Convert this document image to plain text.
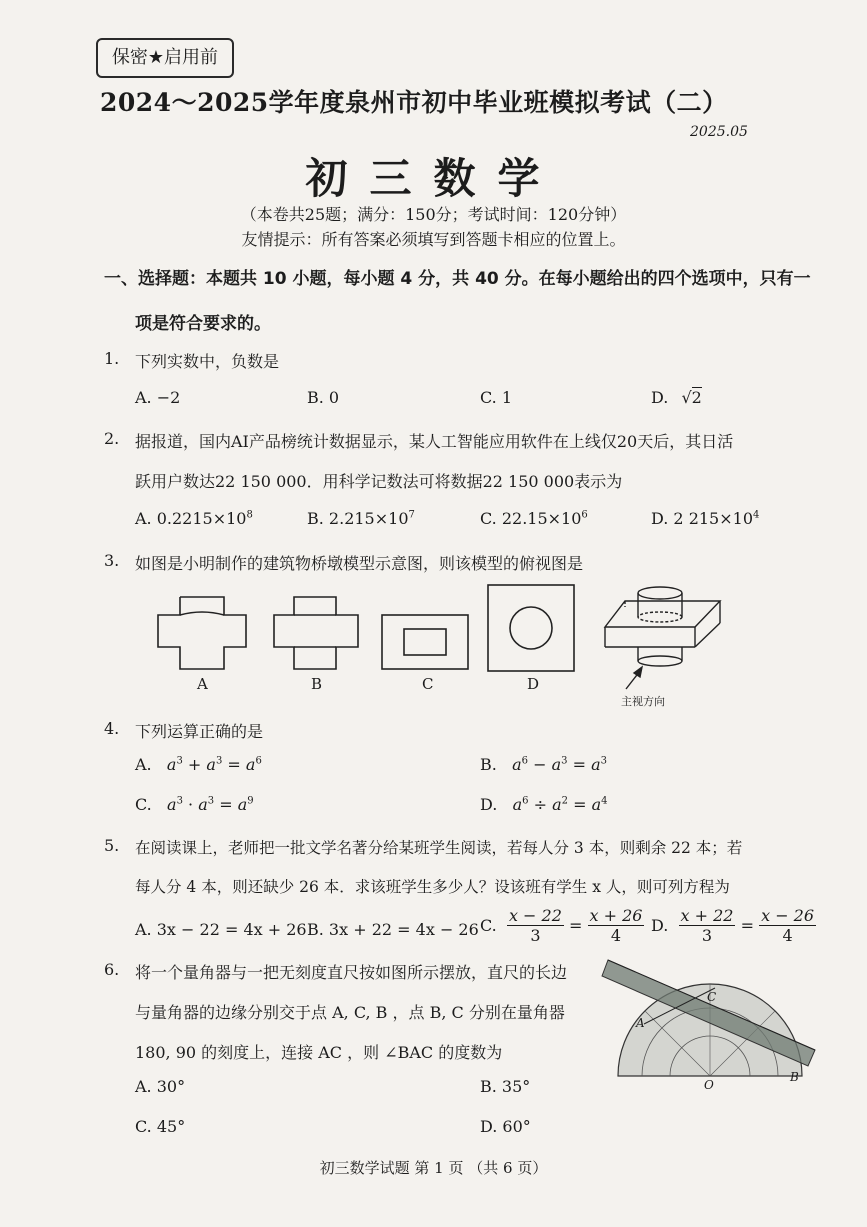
保密★启用前
2024～2025学年度泉州市初中毕业班模拟考试（二）
2025.05
初三数学
（本卷共25题；满分：150分；考试时间：120分钟）
友情提示：所有答案必须填写到答题卡相应的位置上。
一、选择题：本题共 10 小题，每小题 4 分，共 40 分。在每小题给出的四个选项中，只有一
项是符合要求的。
1. 下列实数中，负数是
A. −2	B. 0	C. 1	D. √2
2. 据报道，国内AI产品榜统计数据显示，某人工智能应用软件在上线仅20天后，其日活
跃用户数达22 150 000．用科学记数法可将数据22 150 000表示为
A. $0.2215\times 10^8$	B. $2.215\times 10^7$	C. $22.15\times 10^6$	D. 2 $215\times 10^4$
3. 如图是小明制作的建筑物桥墩模型示意图，则该模型的俯视图是
A	B	C	D
主视方向
4. 下列运算正确的是
A. $a^3 + a^3 = a^6$	B. $a^6 - a^3 = a^3$
C. $a^3 \cdot a^3 = a^9$	D. $a^6 \div a^2 = a^4$
5. 在阅读课上，老师把一批文学名著分给某班学生阅读，若每人分 3 本，则剩余 22 本；若
每人分 4 本，则还缺少 26 本．求该班学生多少人？设该班有学生 x 人，则可列方程为
A. 3x − 22 = 4x + 26 B. 3x + 22 = 4x − 26 C. $\frac{x - 22}{3} = \frac{x + 26}{4} D$. $\frac{x + 22}{3} = \frac{x - 26}{4}$
6. 将一个量角器与一把无刻度直尺按如图所示摆放，直尺的长边
与量角器的边缘分别交于点 A, C, B ，点 B, C 分别在量角器
180, 90 的刻度上，连接 AC ，则 ∠BAC 的度数为
A. 30°	B. 35°
C. 45°	D. 60°
A
C
B
O
初三数学试题 第 1 页 （共 6 页）
